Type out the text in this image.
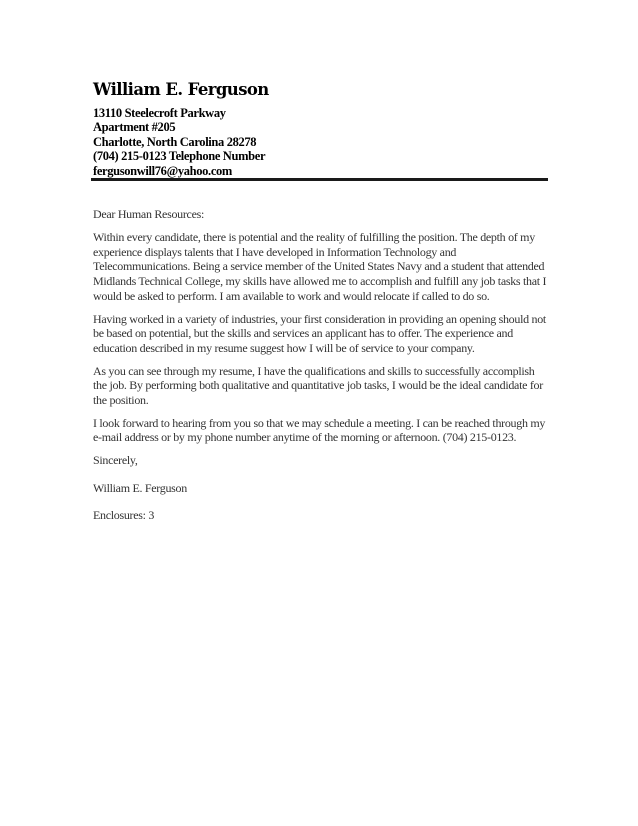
William E. Ferguson
13110 Steelecroft Parkway
Apartment #205
Charlotte, North Carolina 28278
(704) 215-0123 Telephone Number
fergusonwill76@yahoo.com

Dear Human Resources:

Within every candidate, there is potential and the reality of fulfilling the position. The depth of my experience displays talents that I have developed in Information Technology and Telecommunications. Being a service member of the United States Navy and a student that attended Midlands Technical College, my skills have allowed me to accomplish and fulfill any job tasks that I would be asked to perform. I am available to work and would relocate if called to do so.

Having worked in a variety of industries, your first consideration in providing an opening should not be based on potential, but the skills and services an applicant has to offer. The experience and education described in my resume suggest how I will be of service to your company.

As you can see through my resume, I have the qualifications and skills to successfully accomplish the job. By performing both qualitative and quantitative job tasks, I would be the ideal candidate for the position.

I look forward to hearing from you so that we may schedule a meeting. I can be reached through my e-mail address or by my phone number anytime of the morning or afternoon. (704) 215-0123.

Sincerely,

William E. Ferguson

Enclosures: 3
